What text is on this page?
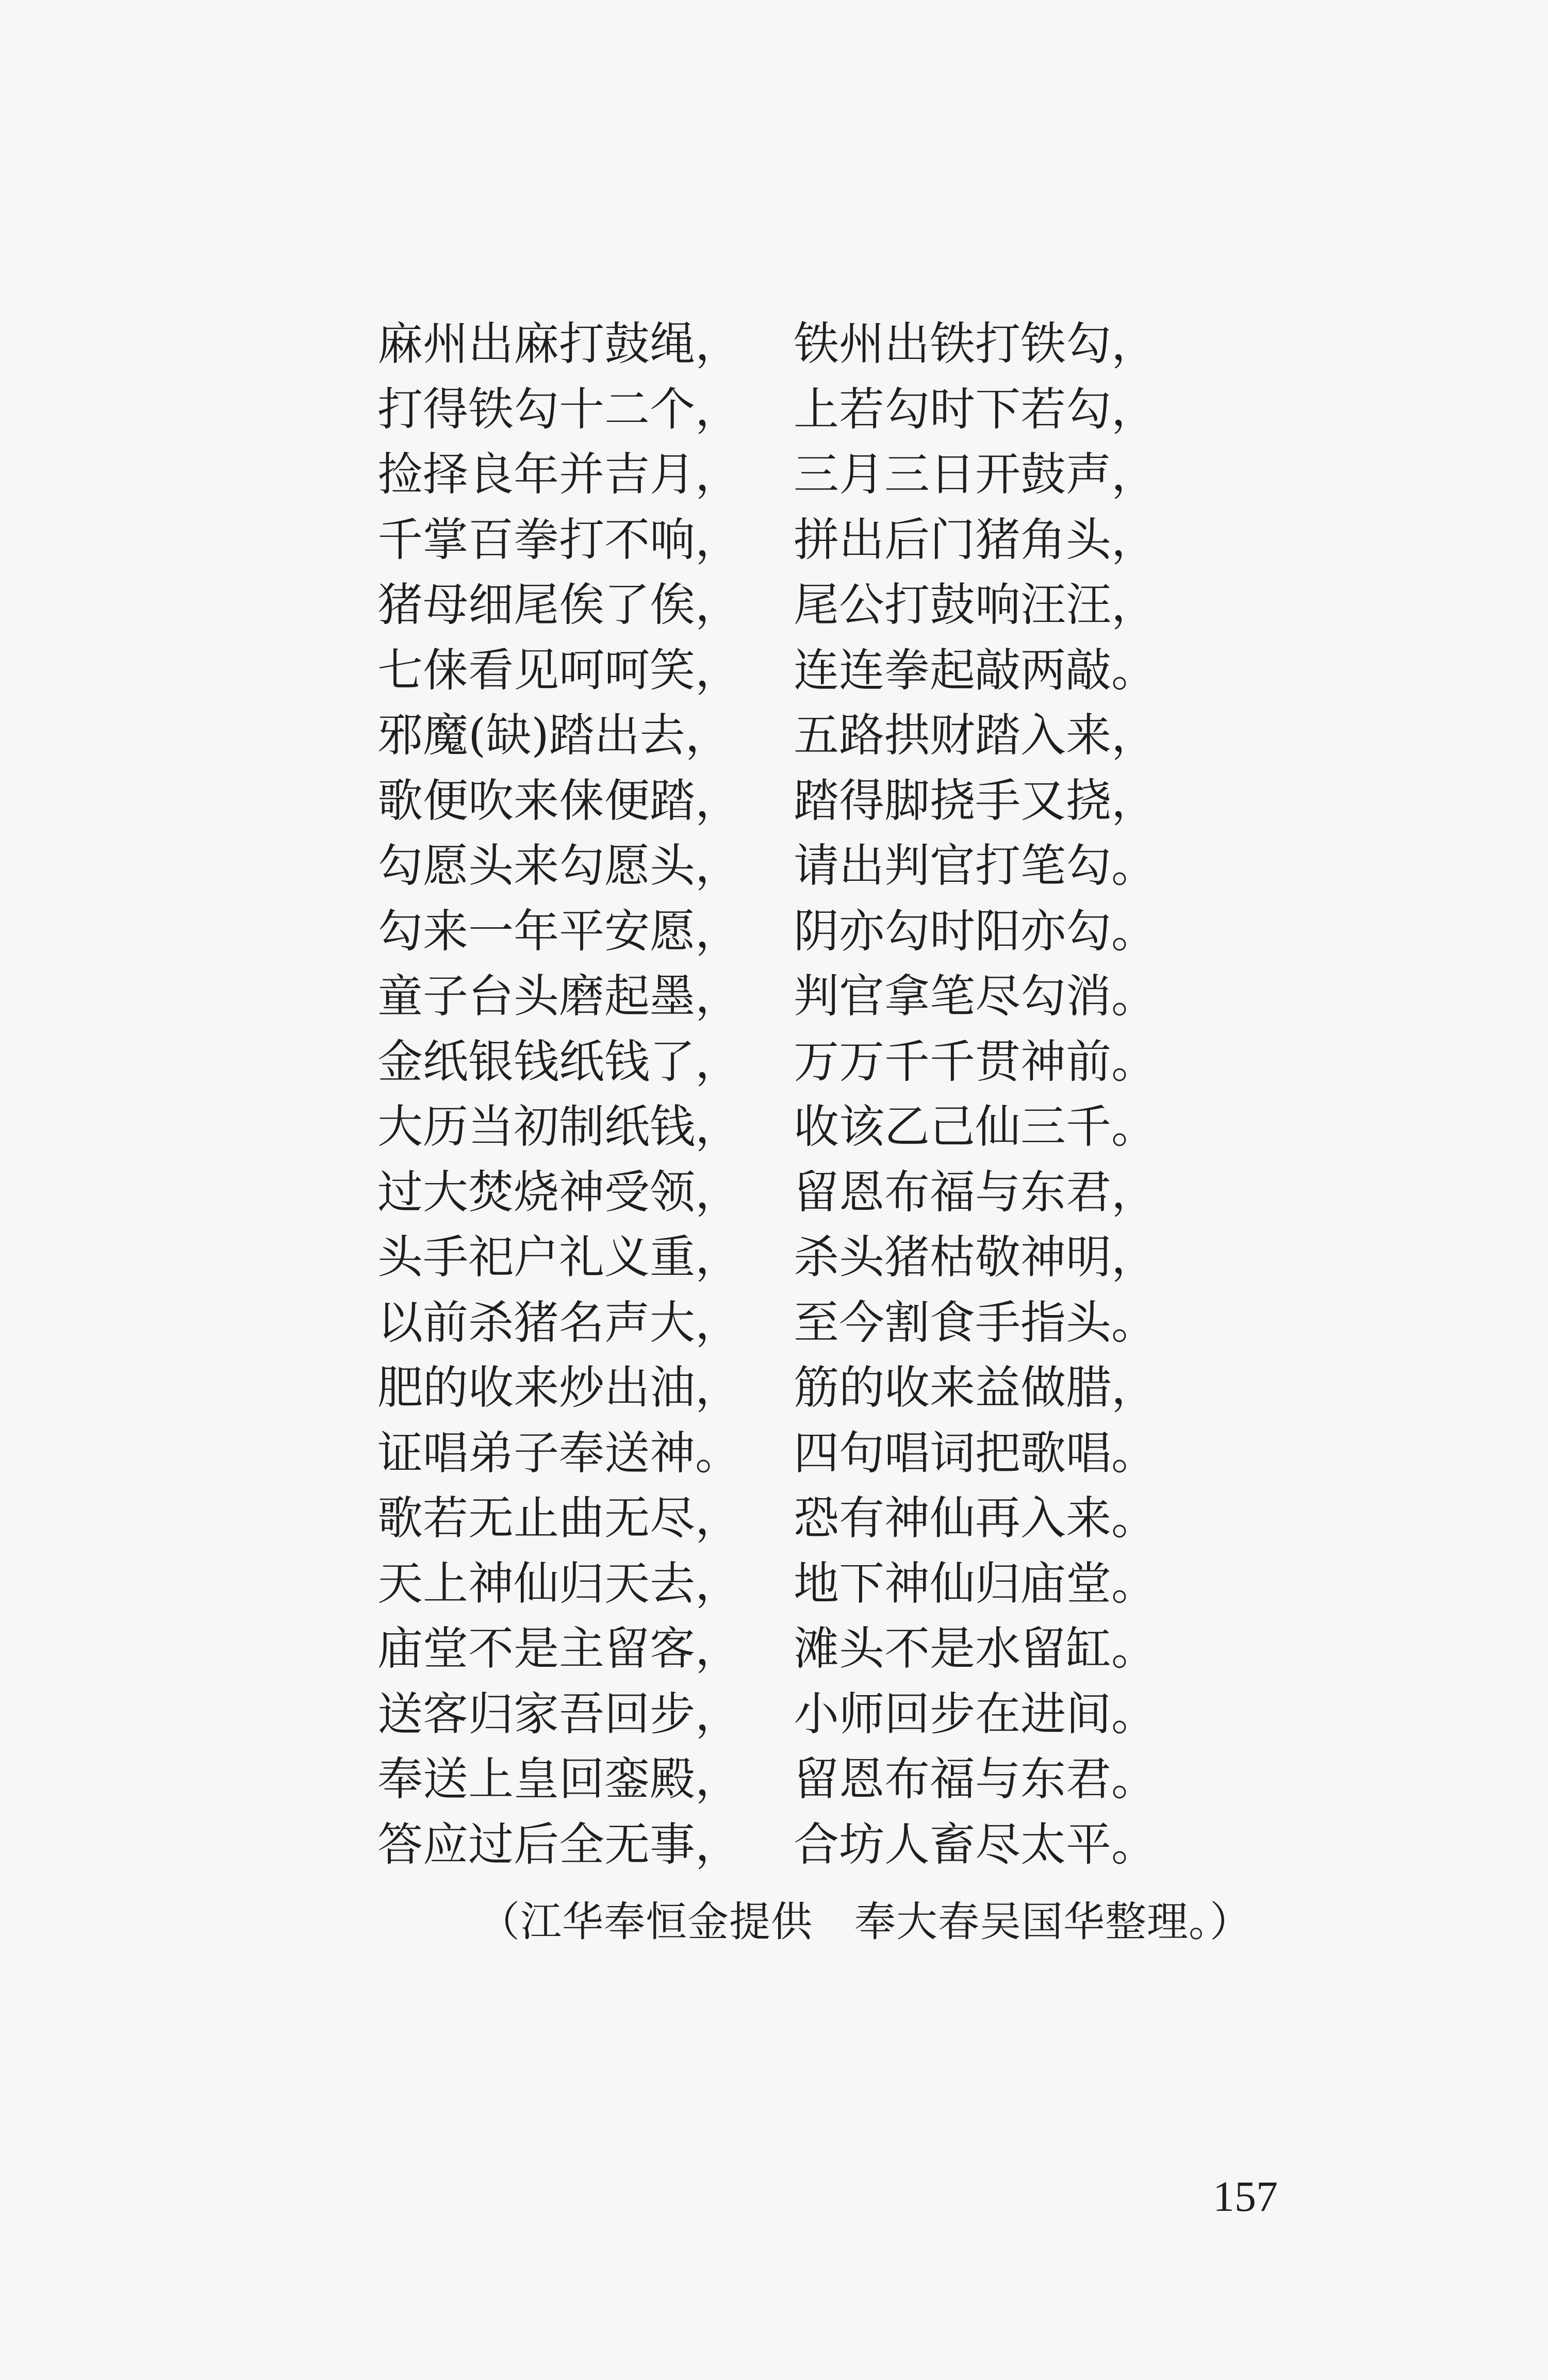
麻州出麻打鼓绳， 铁州出铁打铁勾，
打得铁勾十二个， 上若勾时下若勾，
捡择良年并吉月， 三月三日开鼓声，
千掌百拳打不响， 拼出后门猪角头，
猪母细尾俟了俟， 尾公打鼓响汪汪，
七俫看见呵呵笑， 连连拳起敲两敲。
邪魔(缺)踏出去， 五路拱财踏入来，
歌便吹来俫便踏， 踏得脚挠手又挠，
勾愿头来勾愿头， 请出判官打笔勾。
勾来一年平安愿， 阴亦勾时阳亦勾。
童子台头磨起墨， 判官拿笔尽勾消。
金纸银钱纸钱了， 万万千千贯神前。
大历当初制纸钱， 收该乙己仙三千。
过大焚烧神受领， 留恩布福与东君，
头手祀户礼义重， 杀头猪枯敬神明，
以前杀猪名声大， 至今割食手指头。
肥的收来炒出油， 筋的收来益做腊，
证唱弟子奉送神。 四句唱词把歌唱。
歌若无止曲无尽， 恐有神仙再入来。
天上神仙归天去， 地下神仙归庙堂。
庙堂不是主留客， 滩头不是水留缸。
送客归家吾回步， 小师回步在进间。
奉送上皇回銮殿， 留恩布福与东君。
答应过后全无事， 合坊人畜尽太平。
（江华奉恒金提供　奉大春吴国华整理。）
157
